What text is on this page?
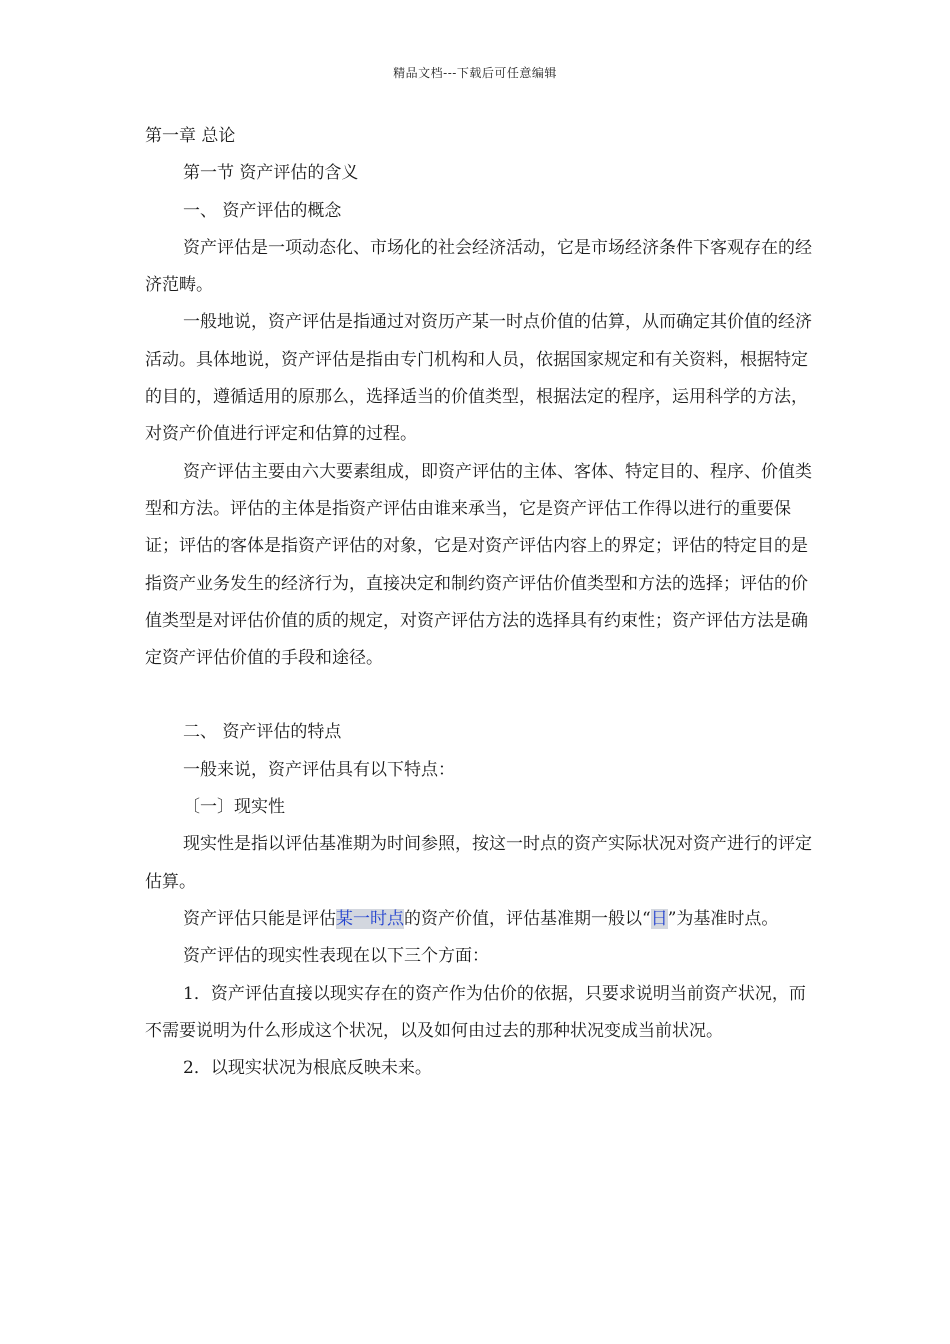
精品文档---下载后可任意编辑

第一章 总论

第一节 资产评估的含义

一、 资产评估的概念

资产评估是一项动态化、市场化的社会经济活动，它是市场经济条件下客观存在的经济范畴。

一般地说，资产评估是指通过对资历产某一时点价值的估算，从而确定其价值的经济活动。具体地说，资产评估是指由专门机构和人员，依据国家规定和有关资料，根据特定的目的，遵循适用的原那么，选择适当的价值类型，根据法定的程序，运用科学的方法，对资产价值进行评定和估算的过程。

资产评估主要由六大要素组成，即资产评估的主体、客体、特定目的、程序、价值类型和方法。评估的主体是指资产评估由谁来承当，它是资产评估工作得以进行的重要保证；评估的客体是指资产评估的对象，它是对资产评估内容上的界定；评估的特定目的是指资产业务发生的经济行为，直接决定和制约资产评估价值类型和方法的选择；评估的价值类型是对评估价值的质的规定，对资产评估方法的选择具有约束性；资产评估方法是确定资产评估价值的手段和途径。

二、 资产评估的特点

一般来说，资产评估具有以下特点：

〔一〕现实性

现实性是指以评估基准期为时间参照，按这一时点的资产实际状况对资产进行的评定估算。

资产评估只能是评估某一时点的资产价值，评估基准期一般以“日”为基准时点。

资产评估的现实性表现在以下三个方面：

1．资产评估直接以现实存在的资产作为估价的依据，只要求说明当前资产状况，而不需要说明为什么形成这个状况，以及如何由过去的那种状况变成当前状况。

2．以现实状况为根底反映未来。
